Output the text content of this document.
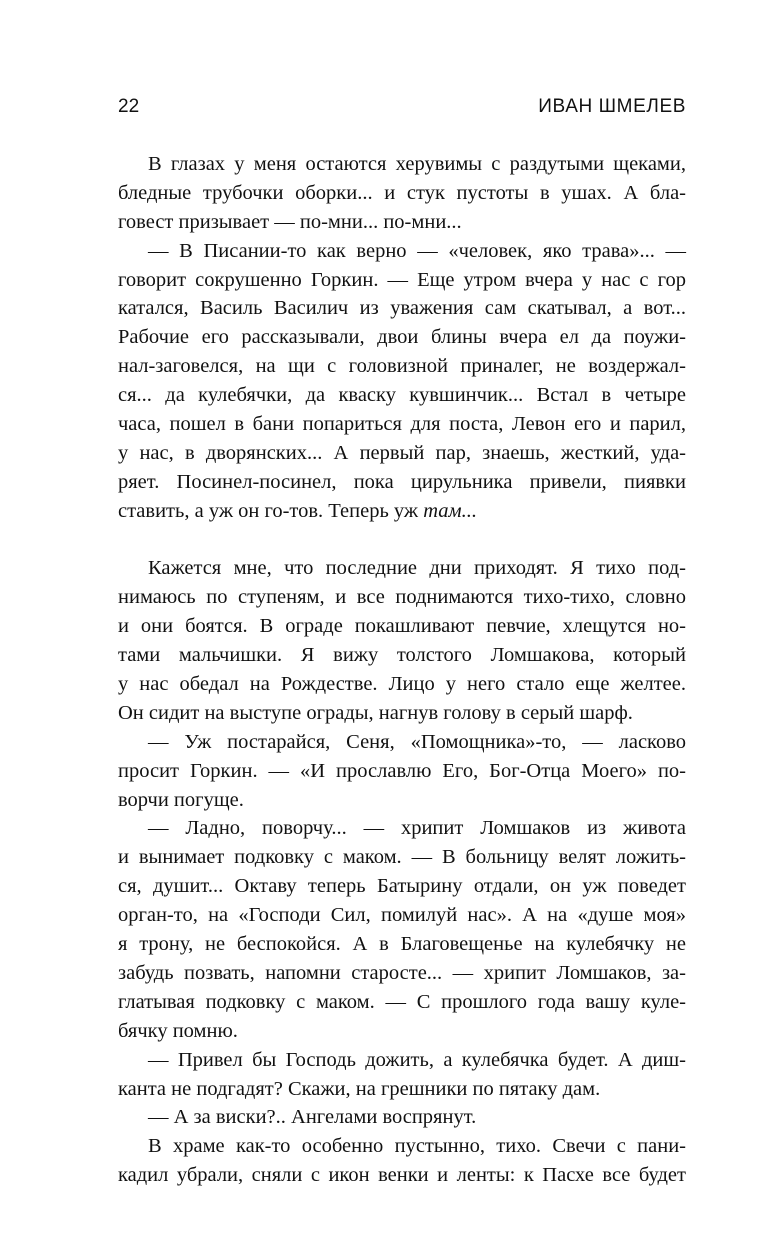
22	ИВАН ШМЕЛЕВ
В глазах у меня остаются херувимы с раздутыми щеками,
бледные трубочки оборки... и стук пустоты в ушах. А бла-
говест призывает — по-мни... по-мни...
— В Писании-то как верно — «человек, яко трава»... —
говорит сокрушенно Горкин. — Еще утром вчера у нас с гор
катался, Василь Василич из уважения сам скатывал, а вот...
Рабочие его рассказывали, двои блины вчера ел да поужи-
нал-заговелся, на щи с головизной приналег, не воздержал-
ся... да кулебячки, да кваску кувшинчик... Встал в четыре
часа, пошел в бани попариться для поста, Левон его и парил,
у нас, в дворянских... А первый пар, знаешь, жесткий, уда-
ряет. Посинел-посинел, пока цирульника привели, пиявки
ставить, а уж он го-тов. Теперь уж там...
Кажется мне, что последние дни приходят. Я тихо под-
нимаюсь по ступеням, и все поднимаются тихо-тихо, словно
и они боятся. В ограде покашливают певчие, хлещутся но-
тами мальчишки. Я вижу толстого Ломшакова, который
у нас обедал на Рождестве. Лицо у него стало еще желтее.
Он сидит на выступе ограды, нагнув голову в серый шарф.
— Уж постарайся, Сеня, «Помощника»-то, — ласково
просит Горкин. — «И прославлю Его, Бог-Отца Моего» по-
ворчи погуще.
— Ладно, поворчу... — хрипит Ломшаков из живота
и вынимает подковку с маком. — В больницу велят ложить-
ся, душит... Октаву теперь Батырину отдали, он уж поведет
орган-то, на «Господи Сил, помилуй нас». А на «душе моя»
я трону, не беспокойся. А в Благовещенье на кулебячку не
забудь позвать, напомни старосте... — хрипит Ломшаков, за-
глатывая подковку с маком. — С прошлого года вашу куле-
бячку помню.
— Привел бы Господь дожить, а кулебячка будет. А диш-
канта не подгадят? Скажи, на грешники по пятаку дам.
— А за виски?.. Ангелами воспрянут.
В храме как-то особенно пустынно, тихо. Свечи с пани-
кадил убрали, сняли с икон венки и ленты: к Пасхе все будет
